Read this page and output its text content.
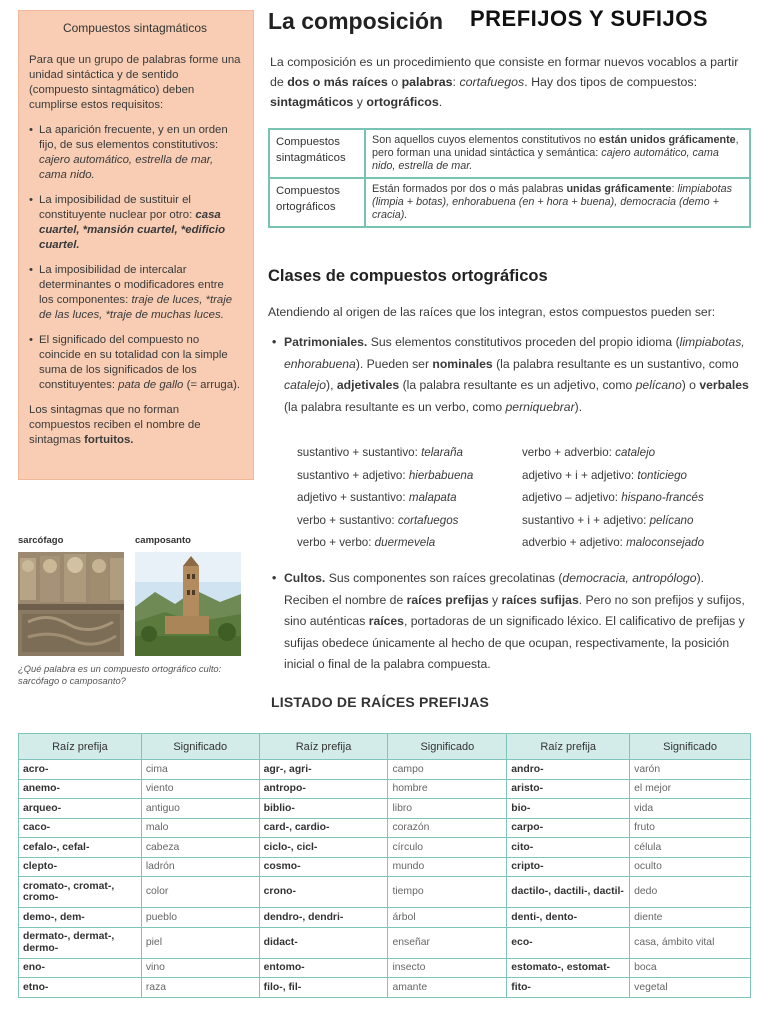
Compuestos sintagmáticos

Para que un grupo de palabras forme una unidad sintáctica y de sentido (compuesto sintagmático) deben cumplirse estos requisitos:

• La aparición frecuente, y en un orden fijo, de sus elementos constitutivos: cajero automático, estrella de mar, cama nido.
• La imposibilidad de sustituir el constituyente nuclear por otro: casa cuartel, *mansión cuartel, *edificio cuartel.
• La imposibilidad de intercalar determinantes o modificadores entre los componentes: traje de luces, *traje de las luces, *traje de muchas luces.
• El significado del compuesto no coincide en su totalidad con la simple suma de los significados de los constituyentes: pata de gallo (= arruga).

Los sintagmas que no forman compuestos reciben el nombre de sintagmas fortuitos.

La composición PREFIJOS Y SUFIJOS

La composición es un procedimiento que consiste en formar nuevos vocablos a partir de dos o más raíces o palabras: cortafuegos. Hay dos tipos de compuestos: sintagmáticos y ortográficos.

Compuestos sintagmáticos	Son aquellos cuyos elementos constitutivos no están unidos gráficamente, pero forman una unidad sintáctica y semántica: cajero automático, cama nido, estrella de mar.
Compuestos ortográficos	Están formados por dos o más palabras unidas gráficamente: limpiabotas (limpia + botas), enhorabuena (en + hora + buena), democracia (demo + cracia).
Clases de compuestos ortográficos

Atendiendo al origen de las raíces que los integran, estos compuestos pueden ser:

• Patrimoniales. Sus elementos constitutivos proceden del propio idioma (limpiabotas, enhorabuena). Pueden ser nominales (la palabra resultante es un sustantivo, como catalejo), adjetivales (la palabra resultante es un adjetivo, como pelícano) o verbales (la palabra resultante es un verbo, como perniquebrar).

sustantivo + sustantivo: telaraña	verbo + adverbio: catalejo
sustantivo + adjetivo: hierbabuena	adjetivo + i + adjetivo: tonticiego
adjetivo + sustantivo: malapata	adjetivo – adjetivo: hispano-francés
verbo + sustantivo: cortafuegos	sustantivo + i + adjetivo: pelícano
verbo + verbo: duermevela	adverbio + adjetivo: maloconsejado

• Cultos. Sus componentes son raíces grecolatinas (democracia, antropólogo). Reciben el nombre de raíces prefijas y raíces sufijas. Pero no son prefijos y sufijos, sino auténticas raíces, portadoras de un significado léxico. El calificativo de prefijas y sufijas obedece únicamente al hecho de que ocupan, respectivamente, la posición inicial o final de la palabra compuesta.

sarcófago	camposanto

¿Qué palabra es un compuesto ortográfico culto: sarcófago o camposanto?

LISTADO DE RAÍCES PREFIJAS
Raíz prefija	Significado	Raíz prefija	Significado	Raíz prefija	Significado
acro-	cima	agr-, agri-	campo	andro-	varón
anemo-	viento	antropo-	hombre	aristo-	el mejor
arqueo-	antiguo	biblio-	libro	bio-	vida
caco-	malo	card-, cardio-	corazón	carpo-	fruto
cefalo-, cefal-	cabeza	ciclo-, cicl-	círculo	cito-	célula
clepto-	ladrón	cosmo-	mundo	cripto-	oculto
cromato-, cromat-, cromo-	color	crono-	tiempo	dactilo-, dactili-, dactil-	dedo
demo-, dem-	pueblo	dendro-, dendri-	árbol	denti-, dento-	diente
dermato-, dermat-, dermo-	piel	didact-	enseñar	eco-	casa, ámbito vital
eno-	vino	entomo-	insecto	estomato-, estomat-	boca
etno-	raza	filo-, fil-	amante	fito-	vegetal
